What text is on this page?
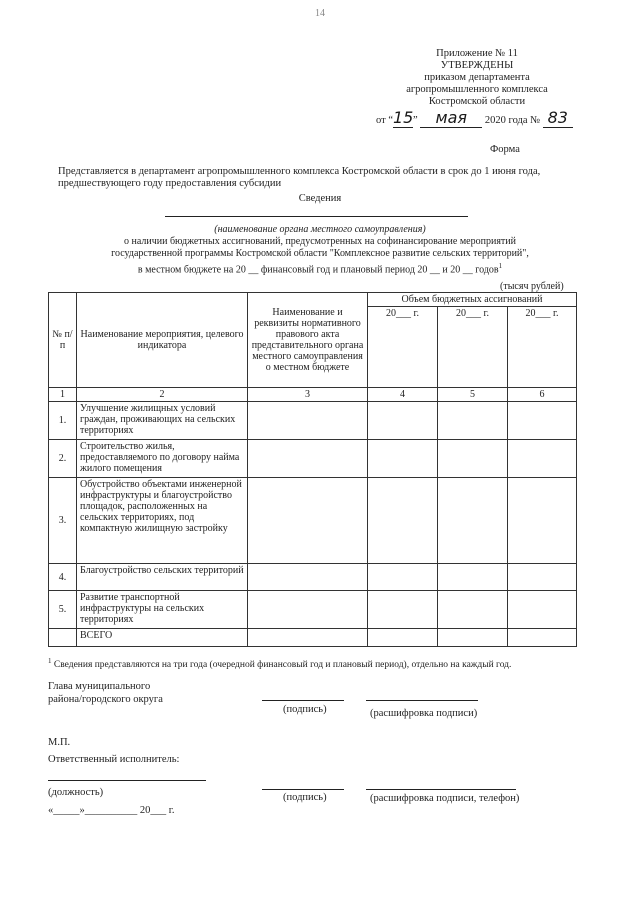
14
Приложение № 11
УТВЕРЖДЕНЫ
приказом департамента
агропромышленного комплекса
Костромской области
от “15” мая 2020 года № 83
Форма
Представляется в департамент агропромышленного комплекса Костромской области в срок до 1 июня года, предшествующего году предоставления субсидии
Сведения
(наименование органа местного самоуправления)
о наличии бюджетных ассигнований, предусмотренных на софинансирование мероприятий
государственной программы Костромской области "Комплексное развитие сельских территорий",
в местном бюджете на 20 __ финансовый год и плановый период 20 __ и 20 __ годов$^1$
(тысяч рублей)
№ п/п	Наименование мероприятия, целевого индикатора	Наименование и реквизиты нормативного правового акта представительного органа местного самоуправления о местном бюджете	Объем бюджетных ассигнований		
			20___ г.	20___ г.	20___ г.
1	2	3	4	5	6
1.	Улучшение жилищных условий граждан, проживающих на сельских территориях				
2.	Строительство жилья, предоставляемого по договору найма жилого помещения				
3.	Обустройство объектами инженерной инфраструктуры и благоустройство площадок, расположенных на сельских территориях, под компактную жилищную застройку				
4.	Благоустройство сельских территорий				
5.	Развитие транспортной инфраструктуры на сельских территориях				
	ВСЕГО				
$^1$ Сведения представляются на три года (очередной финансовый год и плановый период), отдельно на каждый год.
Глава муниципального
района/городского округа
(подпись)	(расшифровка подписи)
М.П.
Ответственный исполнитель:
(должность)	(подпись)	(расшифровка подписи, телефон)
«_____»__________ 20___ г.
